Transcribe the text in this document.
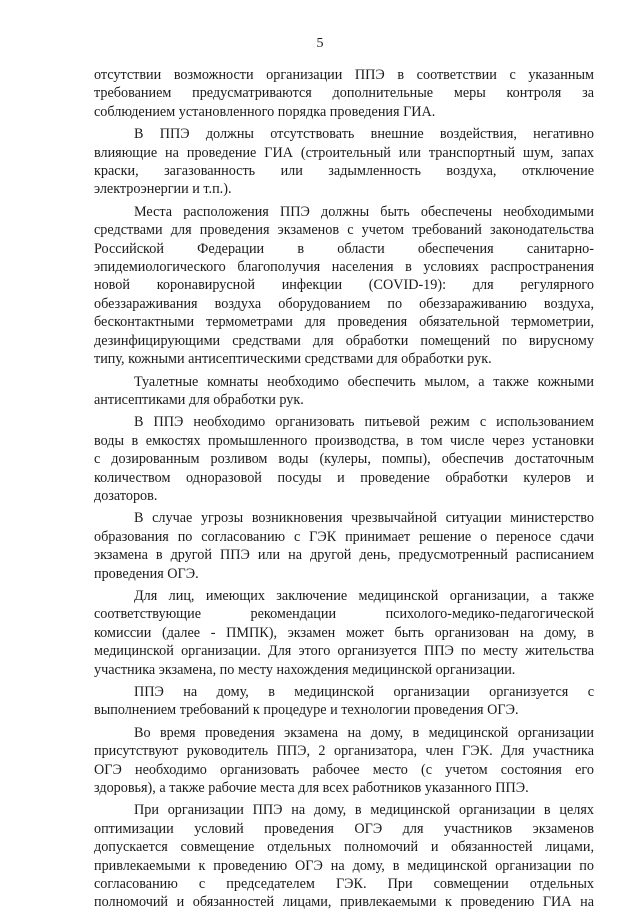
5
отсутствии возможности организации ППЭ в соответствии с указанным
требованием предусматриваются дополнительные меры контроля за
соблюдением установленного порядка проведения ГИА.
В ППЭ должны отсутствовать внешние воздействия, негативно
влияющие на проведение ГИА (строительный или транспортный шум, запах
краски, загазованность или задымленность воздуха, отключение
электроэнергии и т.п.).
Места расположения ППЭ должны быть обеспечены необходимыми
средствами для проведения экзаменов с учетом требований законодательства
Российской Федерации в области обеспечения санитарно-
эпидемиологического благополучия населения в условиях распространения
новой коронавирусной инфекции (COVID-19): для регулярного
обеззараживания воздуха оборудованием по обеззараживанию воздуха,
бесконтактными термометрами для проведения обязательной термометрии,
дезинфицирующими средствами для обработки помещений по вирусному
типу, кожными антисептическими средствами для обработки рук.
Туалетные комнаты необходимо обеспечить мылом, а также кожными
антисептиками для обработки рук.
В ППЭ необходимо организовать питьевой режим с использованием
воды в емкостях промышленного производства, в том числе через установки
с дозированным розливом воды (кулеры, помпы), обеспечив достаточным
количеством одноразовой посуды и проведение обработки кулеров и
дозаторов.
В случае угрозы возникновения чрезвычайной ситуации министерство
образования по согласованию с ГЭК принимает решение о переносе сдачи
экзамена в другой ППЭ или на другой день, предусмотренный расписанием
проведения ОГЭ.
Для лиц, имеющих заключение медицинской организации, а также
соответствующие рекомендации психолого-медико-педагогической
комиссии (далее - ПМПК), экзамен может быть организован на дому, в
медицинской организации. Для этого организуется ППЭ по месту жительства
участника экзамена, по месту нахождения медицинской организации.
ППЭ на дому, в медицинской организации организуется с
выполнением требований к процедуре и технологии проведения ОГЭ.
Во время проведения экзамена на дому, в медицинской организации
присутствуют руководитель ППЭ, 2 организатора, член ГЭК. Для участника
ОГЭ необходимо организовать рабочее место (с учетом состояния его
здоровья), а также рабочие места для всех работников указанного ППЭ.
При организации ППЭ на дому, в медицинской организации в целях
оптимизации условий проведения ОГЭ для участников экзаменов
допускается совмещение отдельных полномочий и обязанностей лицами,
привлекаемыми к проведению ОГЭ на дому, в медицинской организации по
согласованию с председателем ГЭК. При совмещении отдельных
полномочий и обязанностей лицами, привлекаемыми к проведению ГИА на
